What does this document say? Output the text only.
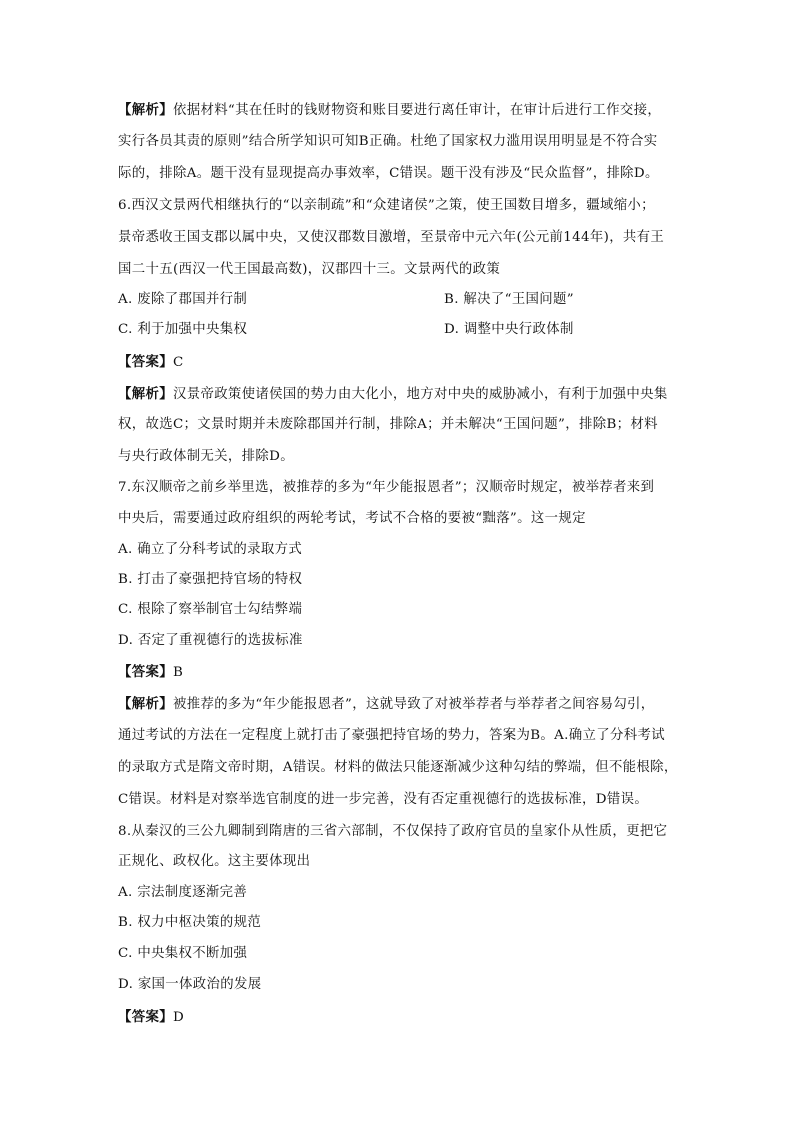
【解析】依据材料“其在任时的钱财物资和账目要进行离任审计，在审计后进行工作交接，
实行各员其责的原则”结合所学知识可知B正确。杜绝了国家权力滥用误用明显是不符合实
际的，排除A。题干没有显现提高办事效率，C错误。题干没有涉及“民众监督”，排除D。
6.西汉文景两代相继执行的“以亲制疏”和“众建诸侯”之策，使王国数目增多，疆域缩小；
景帝悉收王国支郡以属中央，又使汉郡数目激增，至景帝中元六年(公元前144年)，共有王
国二十五(西汉一代王国最高数)，汉郡四十三。文景两代的政策
A. 废除了郡国并行制	B. 解决了“王国问题”
C. 利于加强中央集权	D. 调整中央行政体制
【答案】C
【解析】汉景帝政策使诸侯国的势力由大化小，地方对中央的威胁减小，有利于加强中央集
权，故选C；文景时期并未废除郡国并行制，排除A；并未解决“王国问题”，排除B；材料
与央行政体制无关，排除D。
7.东汉顺帝之前乡举里选，被推荐的多为“年少能报恩者”；汉顺帝时规定，被举荐者来到
中央后，需要通过政府组织的两轮考试，考试不合格的要被“黜落”。这一规定
A. 确立了分科考试的录取方式
B. 打击了豪强把持官场的特权
C. 根除了察举制官士勾结弊端
D. 否定了重视德行的选拔标准
【答案】B
【解析】被推荐的多为“年少能报恩者”，这就导致了对被举荐者与举荐者之间容易勾引，
通过考试的方法在一定程度上就打击了豪强把持官场的势力，答案为B。A.确立了分科考试
的录取方式是隋文帝时期，A错误。材料的做法只能逐渐减少这种勾结的弊端，但不能根除，
C错误。材料是对察举选官制度的进一步完善，没有否定重视德行的选拔标准，D错误。
8.从秦汉的三公九卿制到隋唐的三省六部制，不仅保持了政府官员的皇家仆从性质，更把它
正规化、政权化。这主要体现出
A. 宗法制度逐渐完善
B. 权力中枢决策的规范
C. 中央集权不断加强
D. 家国一体政治的发展
【答案】D
